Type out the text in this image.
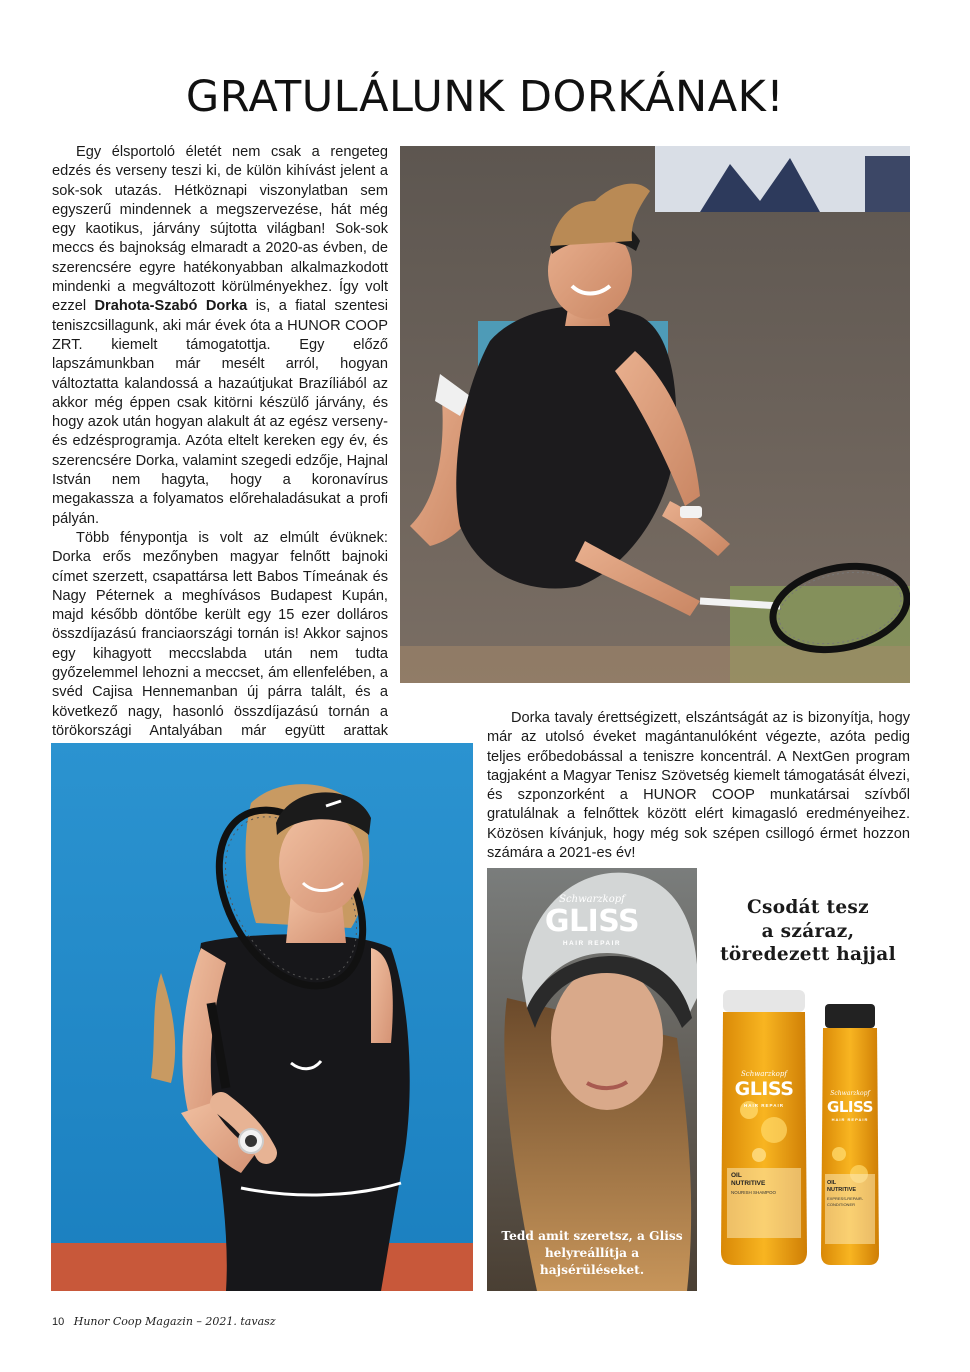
GRATULÁLUNK DORKÁNAK!

Egy élsportoló életét nem csak a rengeteg edzés és verseny teszi ki, de külön kihívást jelent a sok-sok utazás. Hétköznapi viszonylatban sem egyszerű mindennek a megszervezése, hát még egy kaotikus, járvány sújtotta világban! Sok-sok meccs és bajnokság elmaradt a 2020-as évben, de szerencsére egyre hatékonyabban alkalmazkodott mindenki a megváltozott körülményekhez. Így volt ezzel Drahota-Szabó Dorka is, a fiatal szentesi teniszcsillagunk, aki már évek óta a HUNOR COOP ZRT. kiemelt támogatottja. Egy előző lapszámunkban már mesélt arról, hogyan változtatta kalandossá a hazaútjukat Brazíliából az akkor még éppen csak kitörni készülő járvány, és hogy azok után hogyan alakult át az egész verseny- és edzésprogramja. Azóta eltelt kereken egy év, és szerencsére Dorka, valamint szegedi edzője, Hajnal István nem hagyta, hogy a koronavírus megakassza a folyamatos előrehaladásukat a profi pályán.

Több fénypontja is volt az elmúlt évüknek: Dorka erős mezőnyben magyar felnőtt bajnoki címet szerzett, csapattársa lett Babos Tímeának és Nagy Péternek a meghívásos Budapest Kupán, majd később döntőbe került egy 15 ezer dolláros összdíjazású franciaországi tornán is! Akkor sajnos egy kihagyott meccslabda után nem tudta győzelemmel lehozni a meccset, ám ellenfelében, a svéd Cajisa Hennemanban új párra talált, és a következő nagy, hasonló összdíjazású tornán a törökországi Antalyában már együtt arattak

Dorka tavaly érettségizett, elszántságát az is bizonyítja, hogy már az utolsó éveket magántanulóként végezte, azóta pedig teljes erőbedobással a teniszre koncentrál. A NextGen program tagjaként a Magyar Tenisz Szövetség kiemelt támogatását élvezi, és szponzorként a HUNOR COOP munkatársai szívből gratulálnak a felnőttek között elért kimagasló eredményeihez. Közösen kívánjuk, hogy még sok szépen csillogó érmet hozzon számára a 2021-es év!

Schwarzkopf
GLISS
HAIR REPAIR
Tedd amit szeretsz, a Gliss helyreállítja a hajsérüléseket.
Csodát tesz
a száraz,
töredezett hajjal
Schwarzkopf
GLISS
HAIR REPAIR
OIL
NUTRITIVE
NOURISH SHAMPOO
Schwarzkopf
GLISS
HAIR REPAIR
OIL
NUTRITIVE
EXPRESS-REPAIR-CONDITIONER
10 Hunor Coop Magazin – 2021. tavasz
